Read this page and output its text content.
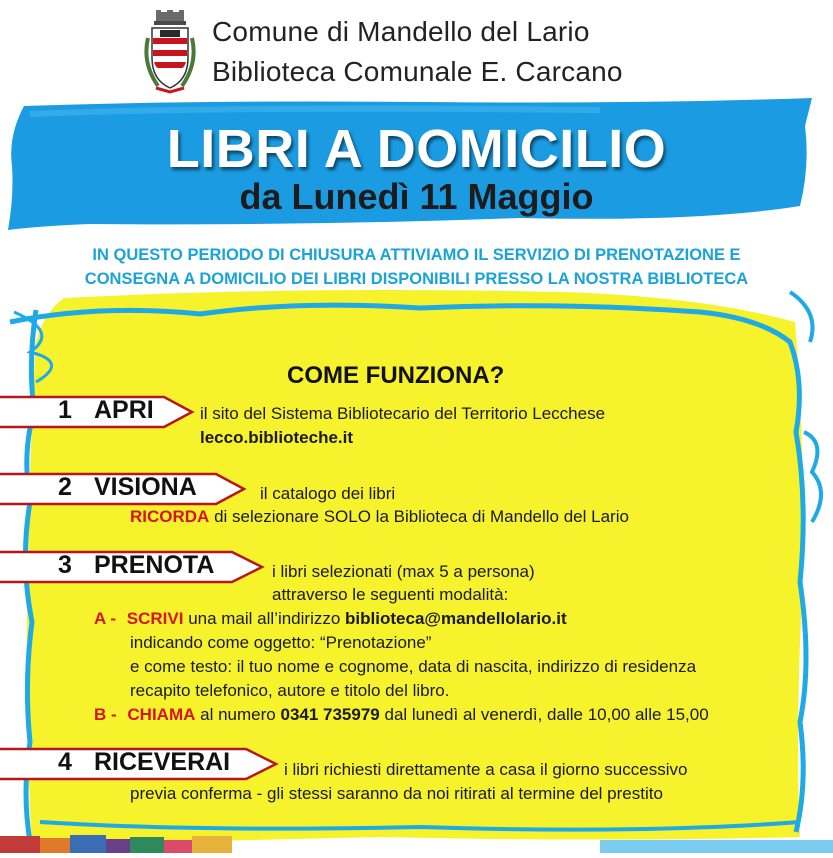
Comune di Mandello del Lario
Biblioteca Comunale E. Carcano
LIBRI A DOMICILIO
da Lunedì 11 Maggio
IN QUESTO PERIODO DI CHIUSURA ATTIVIAMO IL SERVIZIO DI PRENOTAZIONE E
CONSEGNA A DOMICILIO DEI LIBRI DISPONIBILI PRESSO LA NOSTRA BIBLIOTECA
COME FUNZIONA?
1 APRI	il sito del Sistema Bibliotecario del Territorio Lecchese
lecco.biblioteche.it
2 VISIONA	il catalogo dei libri
RICORDA di selezionare SOLO la Biblioteca di Mandello del Lario
3 PRENOTA	i libri selezionati (max 5 a persona)
attraverso le seguenti modalità:
A - SCRIVI una mail all’indirizzo biblioteca@mandellolario.it
indicando come oggetto: “Prenotazione”
e come testo: il tuo nome e cognome, data di nascita, indirizzo di residenza
recapito telefonico, autore e titolo del libro.
B - CHIAMA al numero 0341 735979 dal lunedì al venerdì, dalle 10,00 alle 15,00
4 RICEVERAI	i libri richiesti direttamente a casa il giorno successivo
previa conferma - gli stessi saranno da noi ritirati al termine del prestito
